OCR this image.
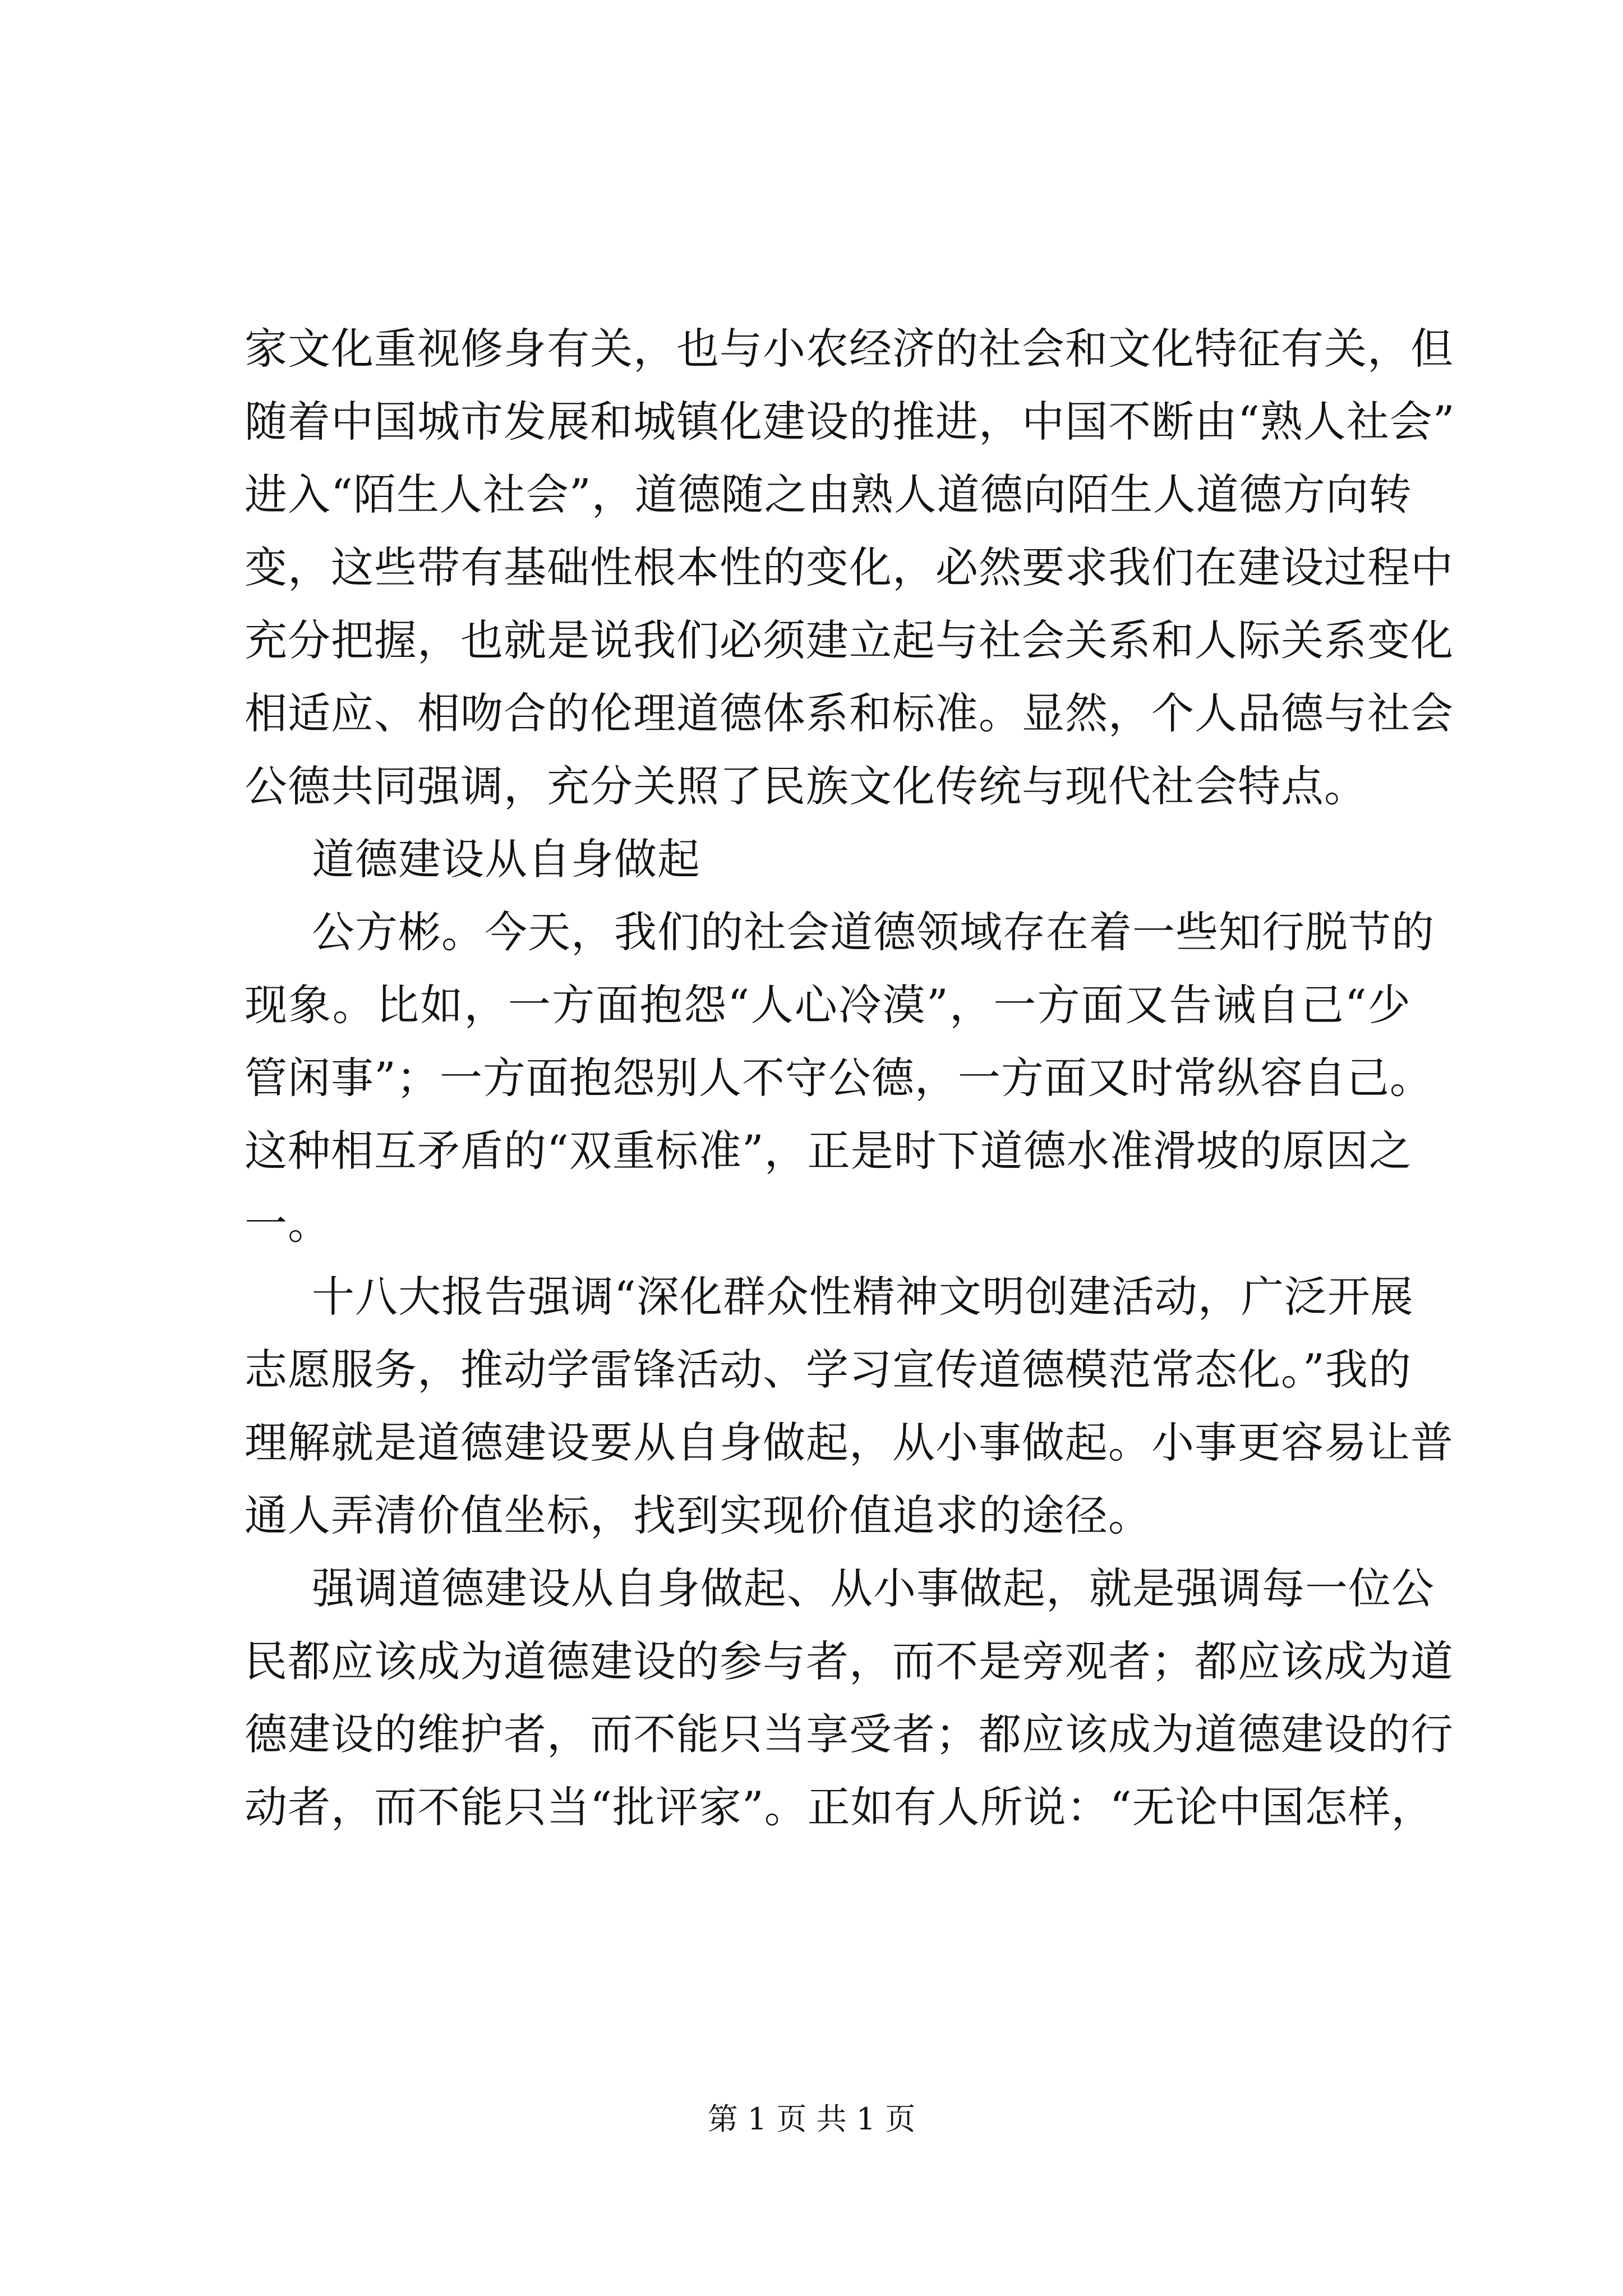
家文化重视修身有关，也与小农经济的社会和文化特征有关，但
随着中国城市发展和城镇化建设的推进，中国不断由“熟人社会”
进入“陌生人社会”，道德随之由熟人道德向陌生人道德方向转
变，这些带有基础性根本性的变化，必然要求我们在建设过程中
充分把握，也就是说我们必须建立起与社会关系和人际关系变化
相适应、相吻合的伦理道德体系和标准。显然，个人品德与社会
公德共同强调，充分关照了民族文化传统与现代社会特点。
道德建设从自身做起
公方彬。今天，我们的社会道德领域存在着一些知行脱节的
现象。比如，一方面抱怨“人心冷漠”，一方面又告诫自己“少
管闲事”；一方面抱怨别人不守公德，一方面又时常纵容自己。
这种相互矛盾的“双重标准”，正是时下道德水准滑坡的原因之
一。
十八大报告强调“深化群众性精神文明创建活动，广泛开展
志愿服务，推动学雷锋活动、学习宣传道德模范常态化。”我的
理解就是道德建设要从自身做起，从小事做起。小事更容易让普
通人弄清价值坐标，找到实现价值追求的途径。
强调道德建设从自身做起、从小事做起，就是强调每一位公
民都应该成为道德建设的参与者，而不是旁观者；都应该成为道
德建设的维护者，而不能只当享受者；都应该成为道德建设的行
动者，而不能只当“批评家”。正如有人所说：“无论中国怎样，
第 1 页 共 1 页
